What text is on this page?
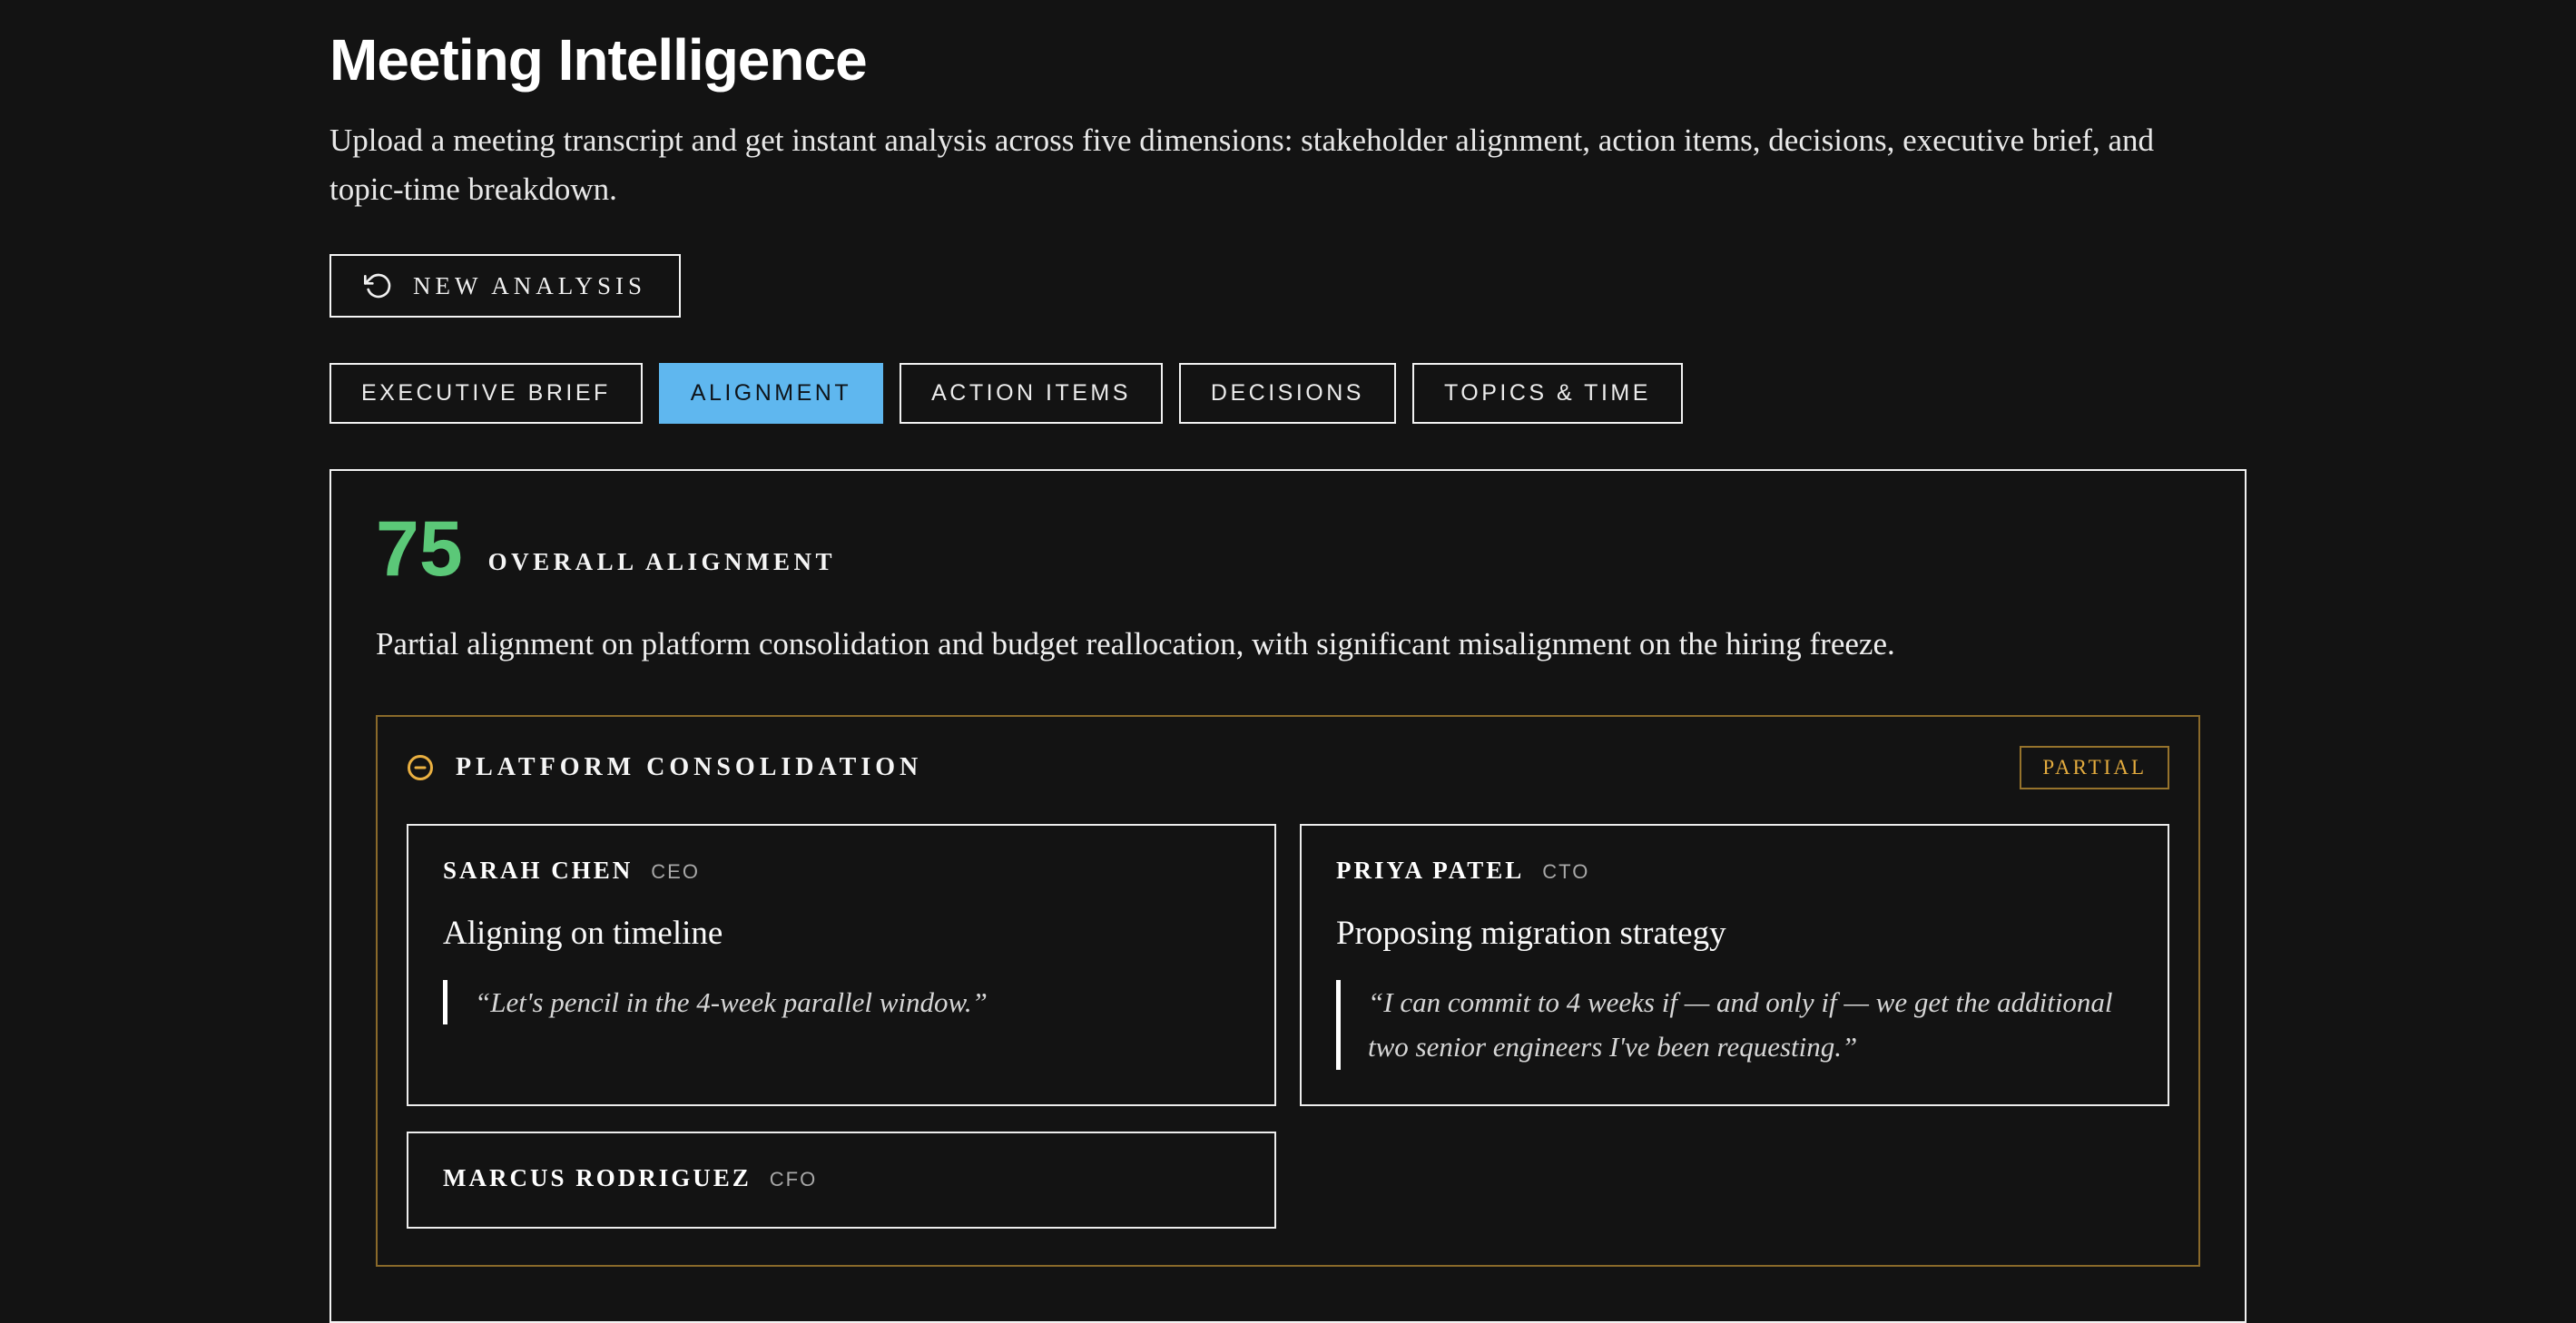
Meeting Intelligence

Upload a meeting transcript and get instant analysis across five dimensions: stakeholder alignment, action items, decisions, executive brief, and topic-time breakdown.

NEW ANALYSIS
EXECUTIVE BRIEF	ALIGNMENT	ACTION ITEMS	DECISIONS	TOPICS & TIME
75 OVERALL ALIGNMENT

Partial alignment on platform consolidation and budget reallocation, with significant misalignment on the hiring freeze.

PLATFORM CONSOLIDATION	PARTIAL
SARAH CHEN CEO
Aligning on timeline
“Let's pencil in the 4-week parallel window.”
PRIYA PATEL CTO
Proposing migration strategy
“I can commit to 4 weeks if — and only if — we get the additional two senior engineers I've been requesting.”
MARCUS RODRIGUEZ CFO
